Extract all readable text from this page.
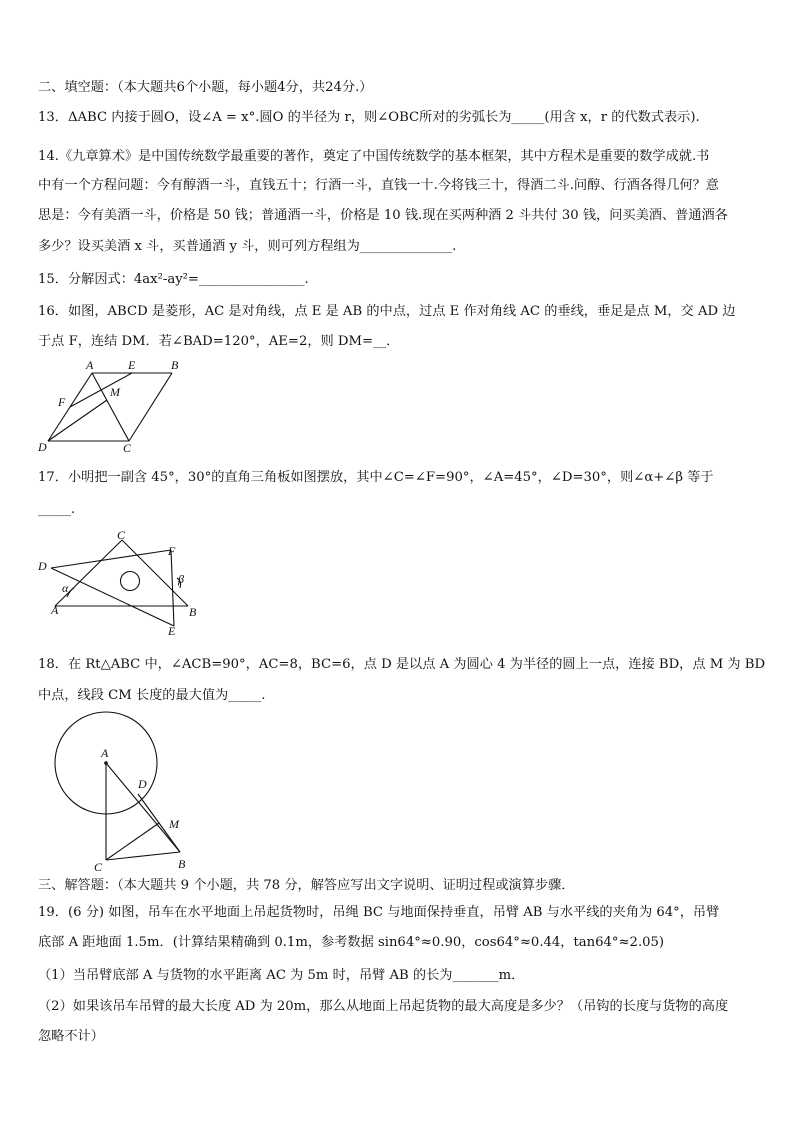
二、填空题：（本大题共6个小题，每小题4分，共24分.）
13．ΔABC 内接于圆O，设∠A = x°.圆O 的半径为 r，则∠OBC所对的劣弧长为_____(用含 x，r 的代数式表示).
14.《九章算术》是中国传统数学最重要的著作，奠定了中国传统数学的基本框架，其中方程术是重要的数学成就.书
中有一个方程问题：今有醇酒一斗，直钱五十；行酒一斗，直钱一十.今将钱三十，得酒二斗.问醇、行酒各得几何？意
思是：今有美酒一斗，价格是 50 钱；普通酒一斗，价格是 10 钱.现在买两种酒 2 斗共付 30 钱，问买美酒、普通酒各
多少？设买美酒 x 斗，买普通酒 y 斗，则可列方程组为______________.
15．分解因式：4ax²-ay²=________________.
16．如图，ABCD 是菱形，AC 是对角线，点 E 是 AB 的中点，过点 E 作对角线 AC 的垂线，垂足是点 M，交 AD 边
于点 F，连结 DM．若∠BAD=120°，AE=2，则 DM=__．
A	E	B
M
F
D	C
17．小明把一副含 45°，30°的直角三角板如图摆放，其中∠C=∠F=90°，∠A=45°，∠D=30°，则∠α+∠β 等于
_____.
C
F
D
α
β
A	B
E
18．在 Rt△ABC 中，∠ACB=90°，AC=8，BC=6，点 D 是以点 A 为圆心 4 为半径的圆上一点，连接 BD，点 M 为 BD
中点，线段 CM 长度的最大值为_____.
A
D
M
C	B
三、解答题：（本大题共 9 个小题，共 78 分，解答应写出文字说明、证明过程或演算步骤．
19．(6 分) 如图，吊车在水平地面上吊起货物时，吊绳 BC 与地面保持垂直，吊臂 AB 与水平线的夹角为 64°，吊臂
底部 A 距地面 1.5m．(计算结果精确到 0.1m，参考数据 sin64°≈0.90，cos64°≈0.44，tan64°≈2.05)
（1）当吊臂底部 A 与货物的水平距离 AC 为 5m 时，吊臂 AB 的长为_______m．
（2）如果该吊车吊臂的最大长度 AD 为 20m，那么从地面上吊起货物的最大高度是多少？（吊钩的长度与货物的高度
忽略不计）
